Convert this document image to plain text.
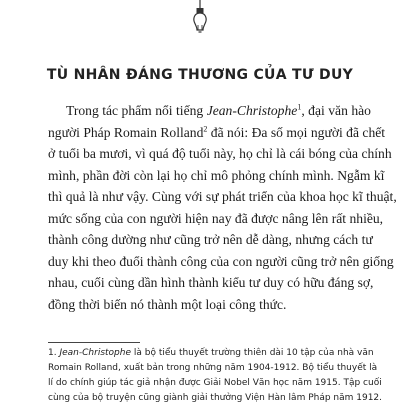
TÙ NHÂN ĐÁNG THƯƠNG CỦA TƯ DUY
Trong tác phẩm nổi tiếng Jean-Christophe$^1$, đại văn hào
người Pháp Romain Rolland$^2$ đã nói: Đa số mọi người đã chết
ở tuổi ba mươi, vì quá độ tuổi này, họ chỉ là cái bóng của chính
mình, phần đời còn lại họ chỉ mô phỏng chính mình. Ngẫm kĩ
thì quả là như vậy. Cùng với sự phát triển của khoa học kĩ thuật,
mức sống của con người hiện nay đã được nâng lên rất nhiều,
thành công dường như cũng trở nên dễ dàng, nhưng cách tư
duy khi theo đuổi thành công của con người cũng trở nên giống
nhau, cuối cùng dần hình thành kiểu tư duy có hữu đáng sợ,
đồng thời biến nó thành một loại công thức.
1. Jean-Christophe là bộ tiểu thuyết trường thiên dài 10 tập của nhà văn
Romain Rolland, xuất bản trong những năm 1904-1912. Bộ tiểu thuyết là
lí do chính giúp tác giả nhận được Giải Nobel Văn học năm 1915. Tập cuối
cùng của bộ truyện cũng giành giải thưởng Viện Hàn lâm Pháp năm 1912.
